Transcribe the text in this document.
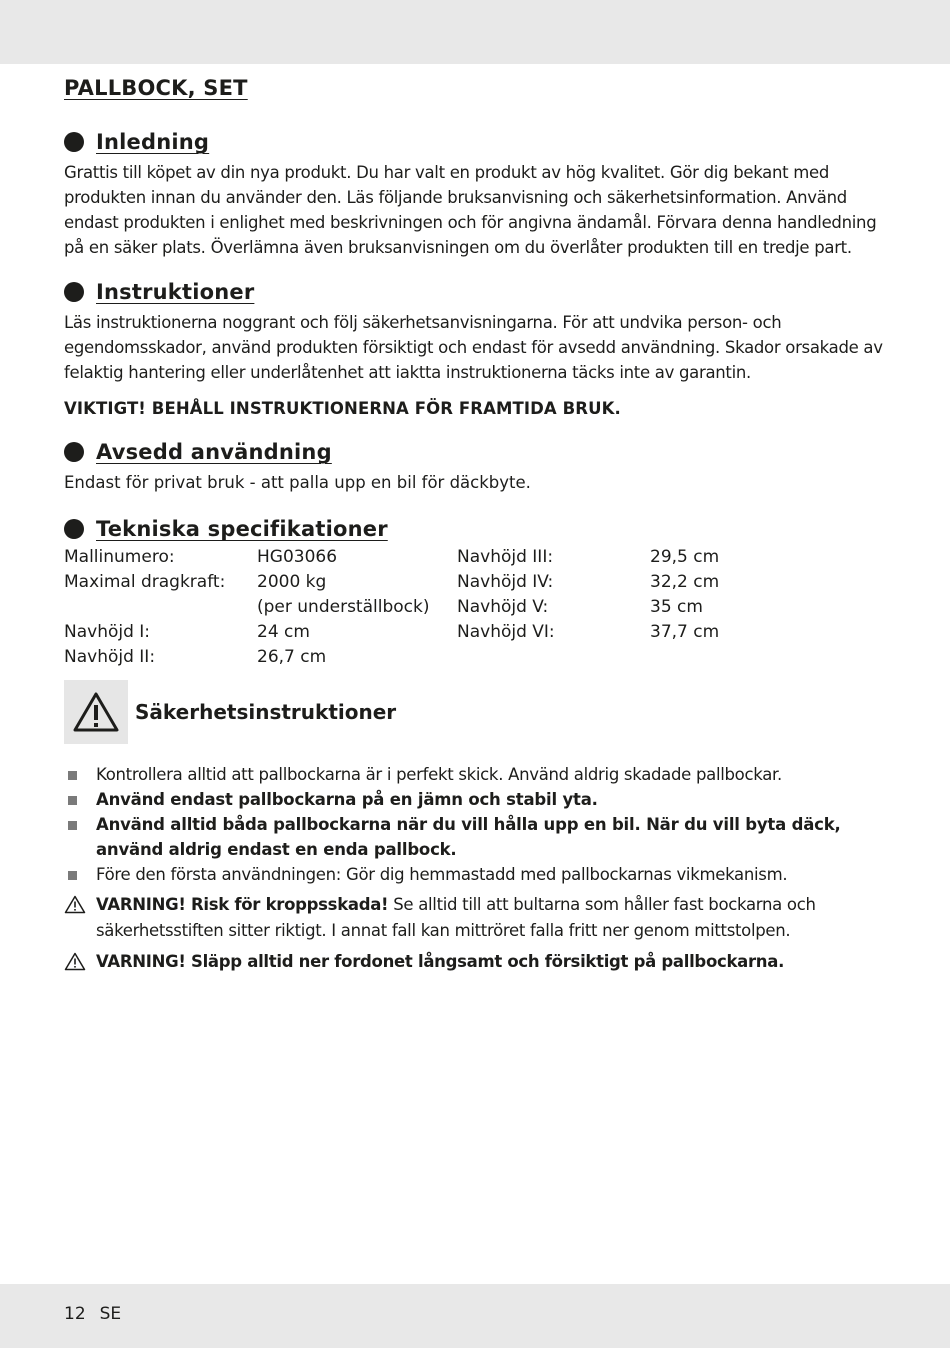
PALLBOCK, SET
Inledning

Grattis till köpet av din nya produkt. Du har valt en produkt av hög kvalitet. Gör dig bekant med produkten innan du använder den. Läs följande bruksanvisning och säkerhetsinformation. Använd endast produkten i enlighet med beskrivningen och för angivna ändamål. Förvara denna handledning på en säker plats. Överlämna även bruksanvisningen om du överlåter produkten till en tredje part.

Instruktioner

Läs instruktionerna noggrant och följ säkerhetsanvisningarna. För att undvika person- och egendomsskador, använd produkten försiktigt och endast för avsedd användning. Skador orsakade av felaktig hantering eller underlåtenhet att iaktta instruktionerna täcks inte av garantin.

VIKTIGT! BEHÅLL INSTRUKTIONERNA FÖR FRAMTIDA BRUK.

Avsedd användning

Endast för privat bruk - att palla upp en bil för däckbyte.

Tekniska specifikationer
Mallinumero:	HG03066
Maximal dragkraft: 2000 kg
(per underställbock)
Navhöjd I:	24 cm
Navhöjd II:	26,7 cm
Navhöjd III:	29,5 cm
Navhöjd IV:	32,2 cm
Navhöjd V:	35 cm
Navhöjd VI:	37,7 cm
Säkerhetsinstruktioner
Kontrollera alltid att pallbockarna är i perfekt skick. Använd aldrig skadade pallbockar.
Använd endast pallbockarna på en jämn och stabil yta.
Använd alltid båda pallbockarna när du vill hålla upp en bil. När du vill byta däck, använd aldrig endast en enda pallbock.
Före den första användningen: Gör dig hemmastadd med pallbockarnas vikmekanism.

VARNING! Risk för kroppsskada! Se alltid till att bultarna som håller fast bockarna och säkerhetsstiften sitter riktigt. I annat fall kan mittröret falla fritt ner genom mittstolpen.

VARNING! Släpp alltid ner fordonet långsamt och försiktigt på pallbockarna.

12 SE
